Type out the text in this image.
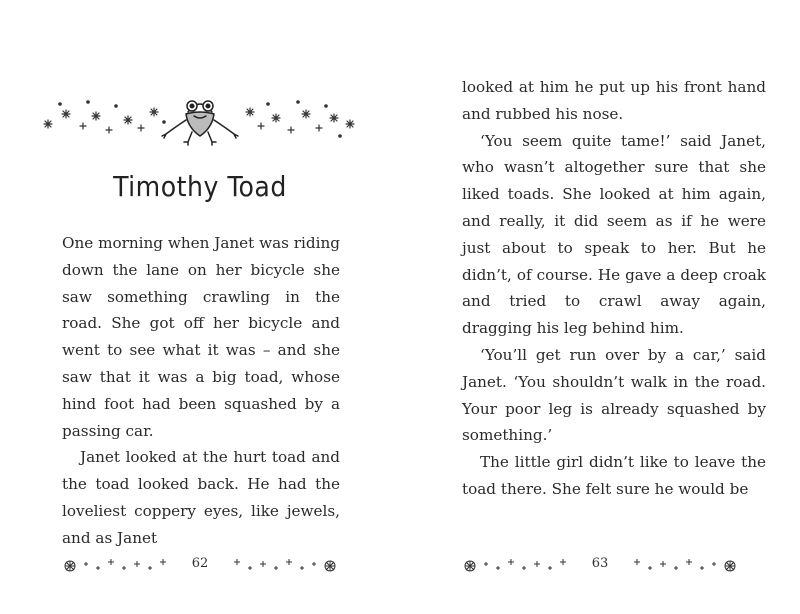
Timothy Toad

One morning when Janet was riding down the lane on her bicycle she saw something crawling in the road. She got off her bicycle and went to see what it was – and she saw that it was a big toad, whose hind foot had been squashed by a passing car.

Janet looked at the hurt toad and the toad looked back. He had the loveliest coppery eyes, like jewels, and as Janet

62

looked at him he put up his front hand and rubbed his nose.

‘You seem quite tame!’ said Janet, who wasn’t altogether sure that she liked toads. She looked at him again, and really, it did seem as if he were just about to speak to her. But he didn’t, of course. He gave a deep croak and tried to crawl away again, dragging his leg behind him.

‘You’ll get run over by a car,’ said Janet. ‘You shouldn’t walk in the road. Your poor leg is already squashed by something.’

The little girl didn’t like to leave the toad there. She felt sure he would be

63
